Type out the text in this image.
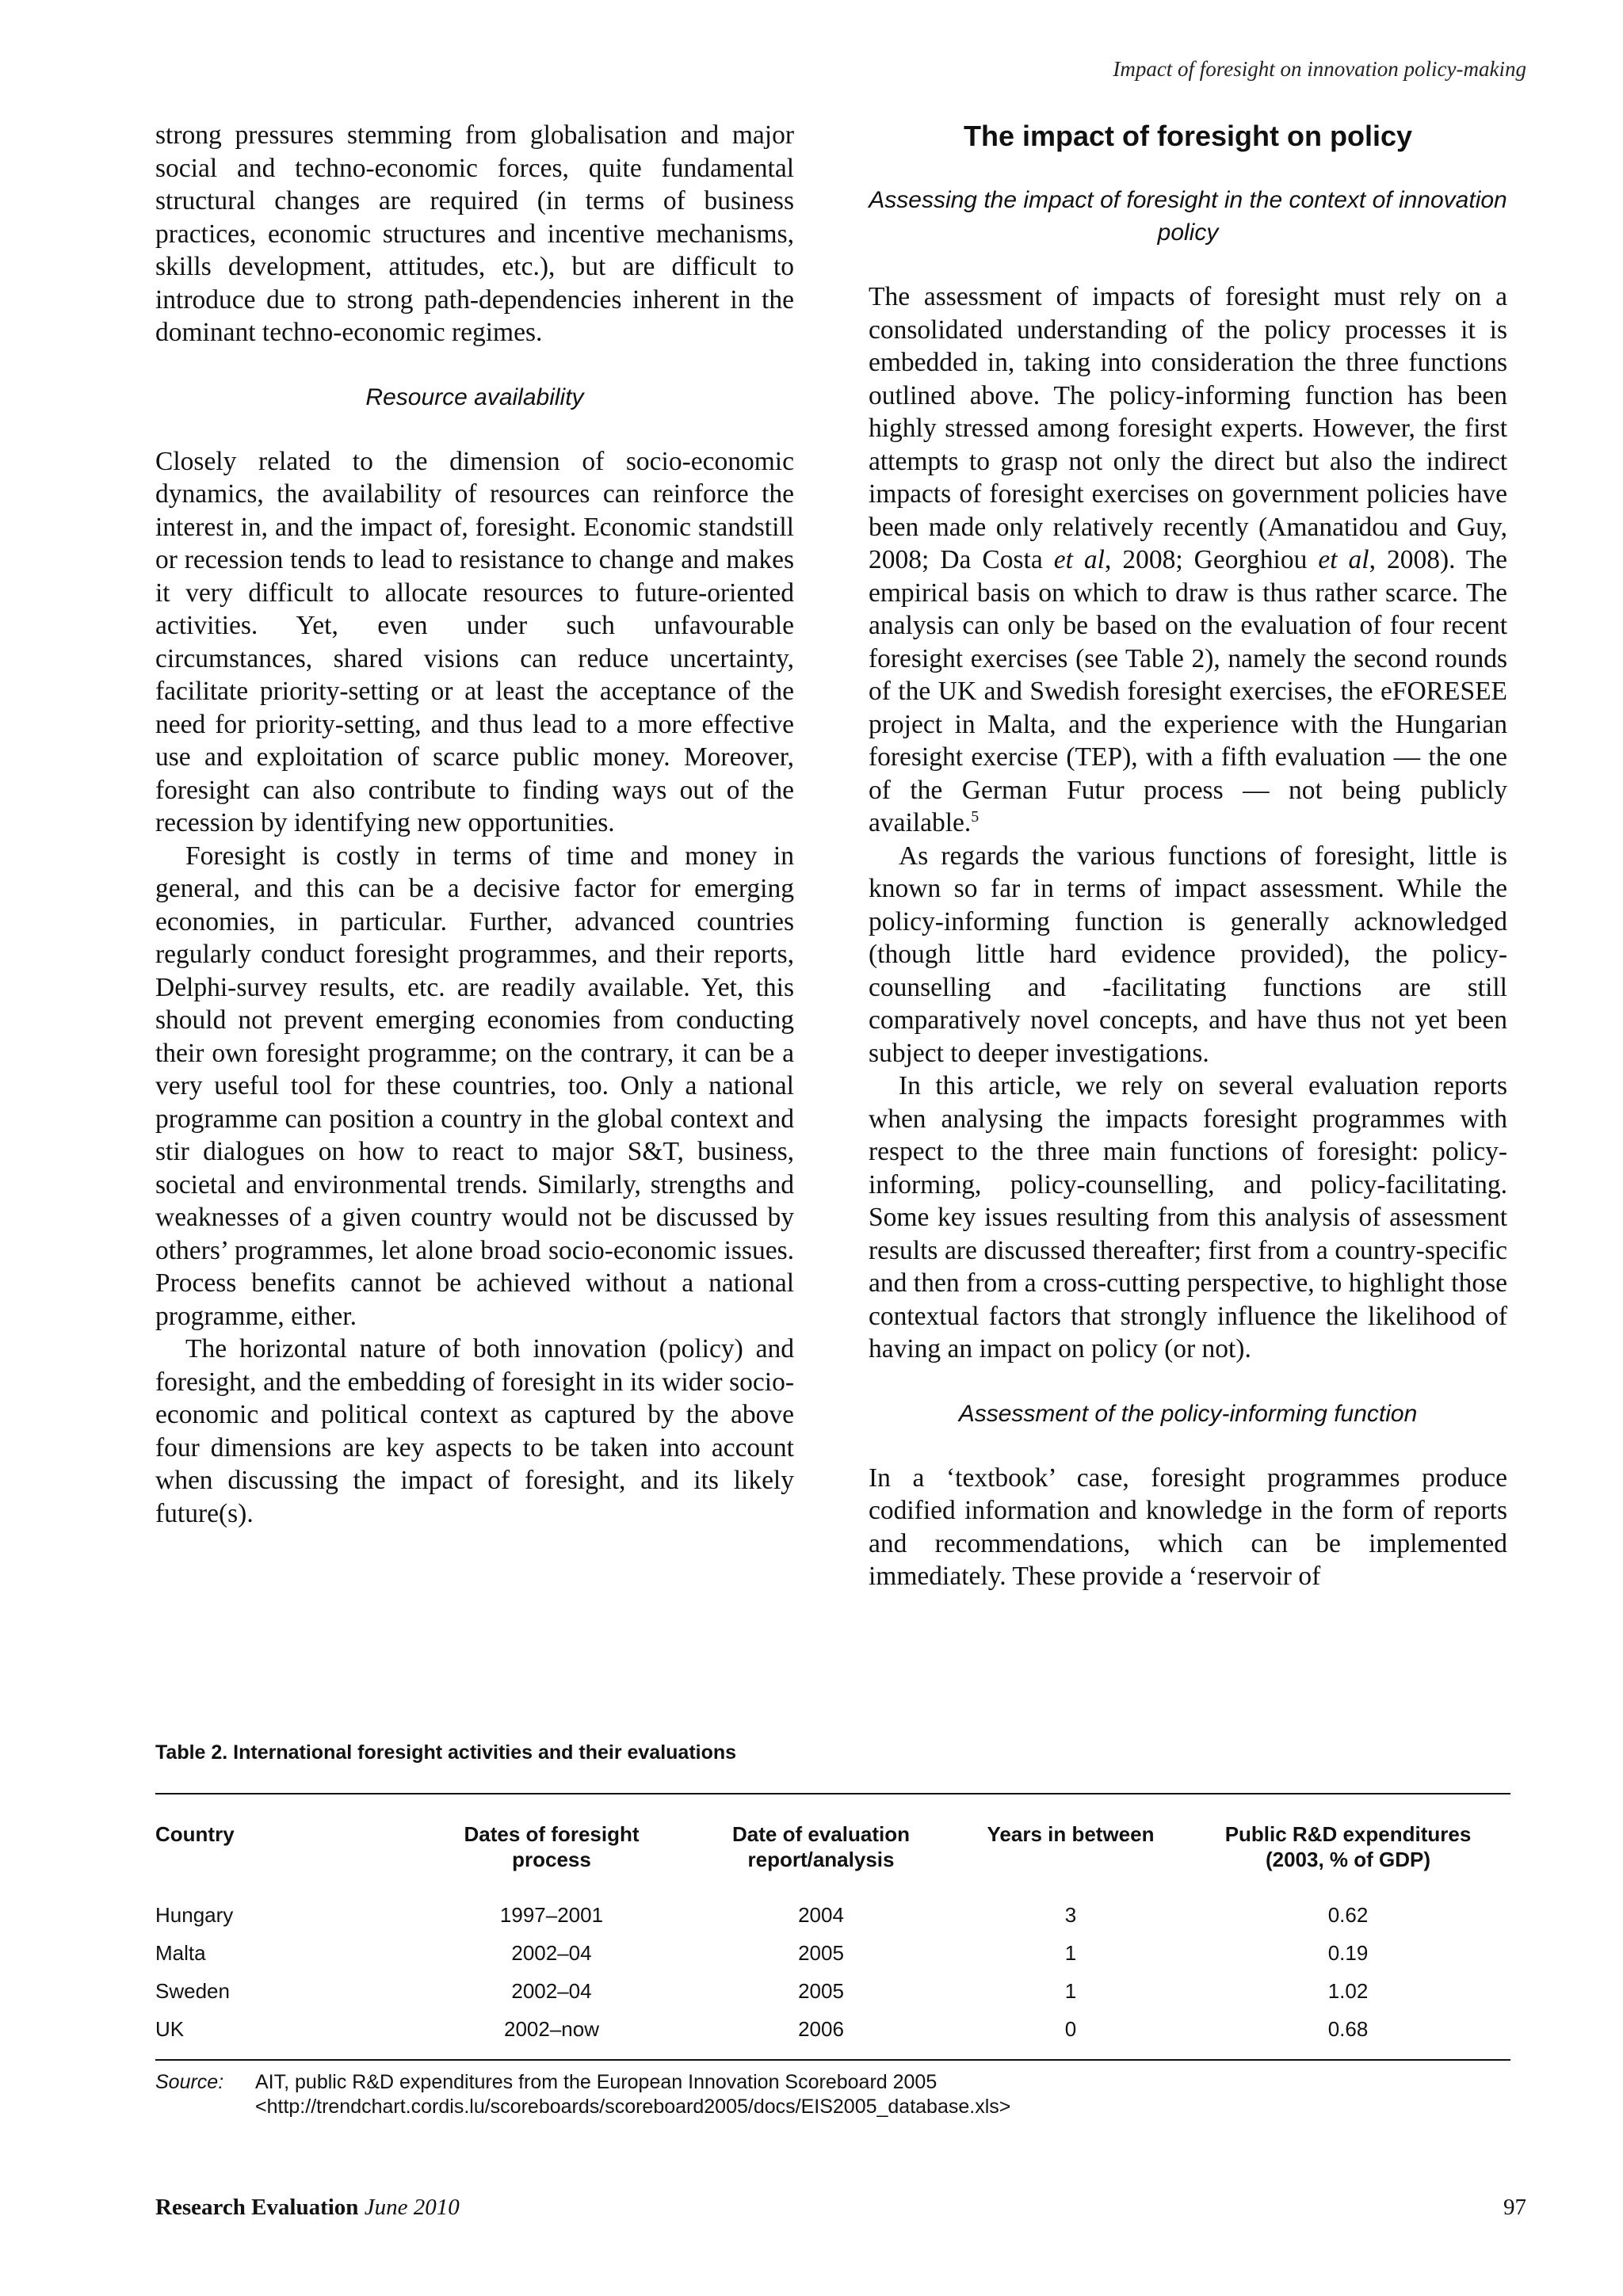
Impact of foresight on innovation policy-making

strong pressures stemming from globalisation and major social and techno-economic forces, quite fundamental structural changes are required (in terms of business practices, economic structures and incentive mechanisms, skills development, attitudes, etc.), but are difficult to introduce due to strong path-dependencies inherent in the dominant techno-economic regimes.

Resource availability

Closely related to the dimension of socio-economic dynamics, the availability of resources can reinforce the interest in, and the impact of, foresight. Economic standstill or recession tends to lead to resistance to change and makes it very difficult to allocate resources to future-oriented activities. Yet, even under such unfavourable circumstances, shared visions can reduce uncertainty, facilitate priority-setting or at least the acceptance of the need for priority-setting, and thus lead to a more effective use and exploitation of scarce public money. Moreover, foresight can also contribute to finding ways out of the recession by identifying new opportunities.

Foresight is costly in terms of time and money in general, and this can be a decisive factor for emerging economies, in particular. Further, advanced countries regularly conduct foresight programmes, and their reports, Delphi-survey results, etc. are readily available. Yet, this should not prevent emerging economies from conducting their own foresight programme; on the contrary, it can be a very useful tool for these countries, too. Only a national programme can position a country in the global context and stir dialogues on how to react to major S&T, business, societal and environmental trends. Similarly, strengths and weaknesses of a given country would not be discussed by others’ programmes, let alone broad socio-economic issues. Process benefits cannot be achieved without a national programme, either.

The horizontal nature of both innovation (policy) and foresight, and the embedding of foresight in its wider socio-economic and political context as captured by the above four dimensions are key aspects to be taken into account when discussing the impact of foresight, and its likely future(s).

The impact of foresight on policy
Assessing the impact of foresight in the context of innovation policy

The assessment of impacts of foresight must rely on a consolidated understanding of the policy processes it is embedded in, taking into consideration the three functions outlined above. The policy-informing function has been highly stressed among foresight experts. However, the first attempts to grasp not only the direct but also the indirect impacts of foresight exercises on government policies have been made only relatively recently (Amanatidou and Guy, 2008; Da Costa et al, 2008; Georghiou et al, 2008). The empirical basis on which to draw is thus rather scarce. The analysis can only be based on the evaluation of four recent foresight exercises (see Table 2), namely the second rounds of the UK and Swedish foresight exercises, the eFORESEE project in Malta, and the experience with the Hungarian foresight exercise (TEP), with a fifth evaluation — the one of the German Futur process — not being publicly available.$^5$

As regards the various functions of foresight, little is known so far in terms of impact assessment. While the policy-informing function is generally acknowledged (though little hard evidence provided), the policy-counselling and -facilitating functions are still comparatively novel concepts, and have thus not yet been subject to deeper investigations.

In this article, we rely on several evaluation reports when analysing the impacts foresight programmes with respect to the three main functions of foresight: policy-informing, policy-counselling, and policy-facilitating. Some key issues resulting from this analysis of assessment results are discussed thereafter; first from a country-specific and then from a cross-cutting perspective, to highlight those contextual factors that strongly influence the likelihood of having an impact on policy (or not).

Assessment of the policy-informing function

In a ‘textbook’ case, foresight programmes produce codified information and knowledge in the form of reports and recommendations, which can be implemented immediately. These provide a ‘reservoir of

Table 2. International foresight activities and their evaluations
Country	Dates of foresight process	Date of evaluation report/analysis	Years in between	Public R&D expenditures (2003, % of GDP)

Hungary	1997–2001	2004	3	0.62
Malta	2002–04	2005	1	0.19
Sweden	2002–04	2005	1	1.02
UK	2002–now	2006	0	0.68
Source:	AIT, public R&D expenditures from the European Innovation Scoreboard 2005
<http://trendchart.cordis.lu/scoreboards/scoreboard2005/docs/EIS2005_database.xls>
Research Evaluation June 2010	97
